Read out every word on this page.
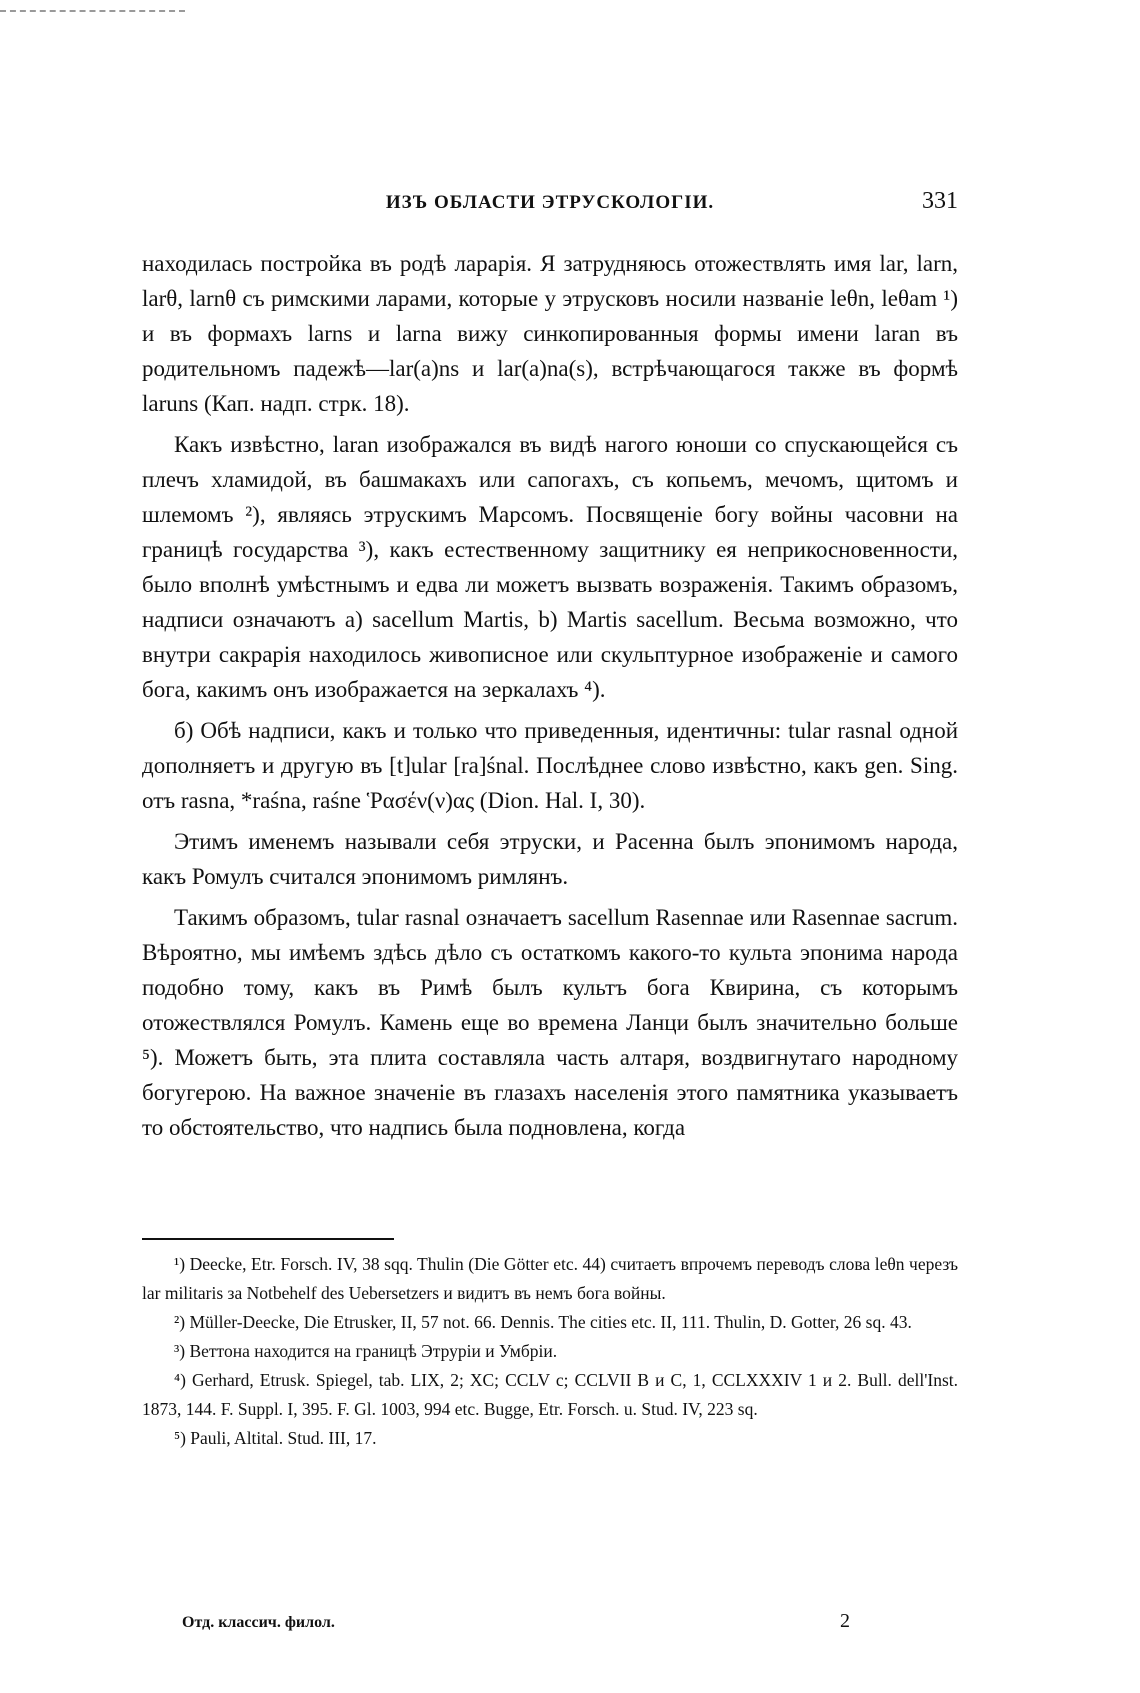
ИЗЪ ОБЛАСТИ ЭТРУСКОЛОГІИ.	331

находилась постройка въ родѣ ларарія. Я затрудняюсь отожествлять имя lar, larn, larθ, larnθ съ римскими ларами, которые у этрусковъ носили названіе leθn, leθam ¹) и въ формахъ larns и larna вижу синкопированныя формы имени laran въ родительномъ падежѣ—lar(a)ns и lar(a)na(s), встрѣчающагося также въ формѣ laruns (Кап. надп. стрк. 18).

Какъ извѣстно, laran изображался въ видѣ нагого юноши со спускающейся съ плечъ хламидой, въ башмакахъ или сапогахъ, съ копьемъ, мечомъ, щитомъ и шлемомъ ²), являясь этрускимъ Марсомъ. Посвященіе богу войны часовни на границѣ государства ³), какъ естественному защитнику ея неприкосновенности, было вполнѣ умѣстнымъ и едва ли можетъ вызвать возраженія. Такимъ образомъ, надписи означаютъ a) sacellum Martis, b) Martis sacellum. Весьма возможно, что внутри сакрарія находилось живописное или скульптурное изображеніе и самого бога, какимъ онъ изображается на зеркалахъ ⁴).

б) Обѣ надписи, какъ и только что приведенныя, идентичны: tular rasnal одной дополняетъ и другую въ [t]ular [ra]śnal. Послѣднее слово извѣстно, какъ gen. Sing. отъ rasna, *raśna, raśne Ῥασέν(ν)ας (Dion. Hal. I, 30).

Этимъ именемъ называли себя этруски, и Расенна былъ эпонимомъ народа, какъ Ромулъ считался эпонимомъ римлянъ.

Такимъ образомъ, tular rasnal означаетъ sacellum Rasennae или Rasennae sacrum. Вѣроятно, мы имѣемъ здѣсь дѣло съ остаткомъ какого-то культа эпонима народа подобно тому, какъ въ Римѣ былъ культъ бога Квирина, съ которымъ отожествлялся Ромулъ. Камень еще во времена Ланци былъ значительно больше ⁵). Можетъ быть, эта плита составляла часть алтаря, воздвигнутаго народному богугерою. На важное значеніе въ глазахъ населенія этого памятника указываетъ то обстоятельство, что надпись была подновлена, когда

¹) Deecke, Etr. Forsch. IV, 38 sqq. Thulin (Die Götter etc. 44) считаетъ впрочемъ переводъ слова leθn черезъ lar militaris за Notbehelf des Uebersetzers и видитъ въ немъ бога войны.

²) Müller-Deecke, Die Etrusker, II, 57 not. 66. Dennis. The cities etc. II, 111. Thulin, D. Gotter, 26 sq. 43.

³) Веттона находится на границѣ Этруріи и Умбріи.

⁴) Gerhard, Etrusk. Spiegel, tab. LIX, 2; XC; CCLV c; CCLVII B и C, 1, CCLXXXIV 1 и 2. Bull. dell'Inst. 1873, 144. F. Suppl. I, 395. F. Gl. 1003, 994 etc. Bugge, Etr. Forsch. u. Stud. IV, 223 sq.

⁵) Pauli, Altital. Stud. III, 17.

Отд. классич. филол.	2
